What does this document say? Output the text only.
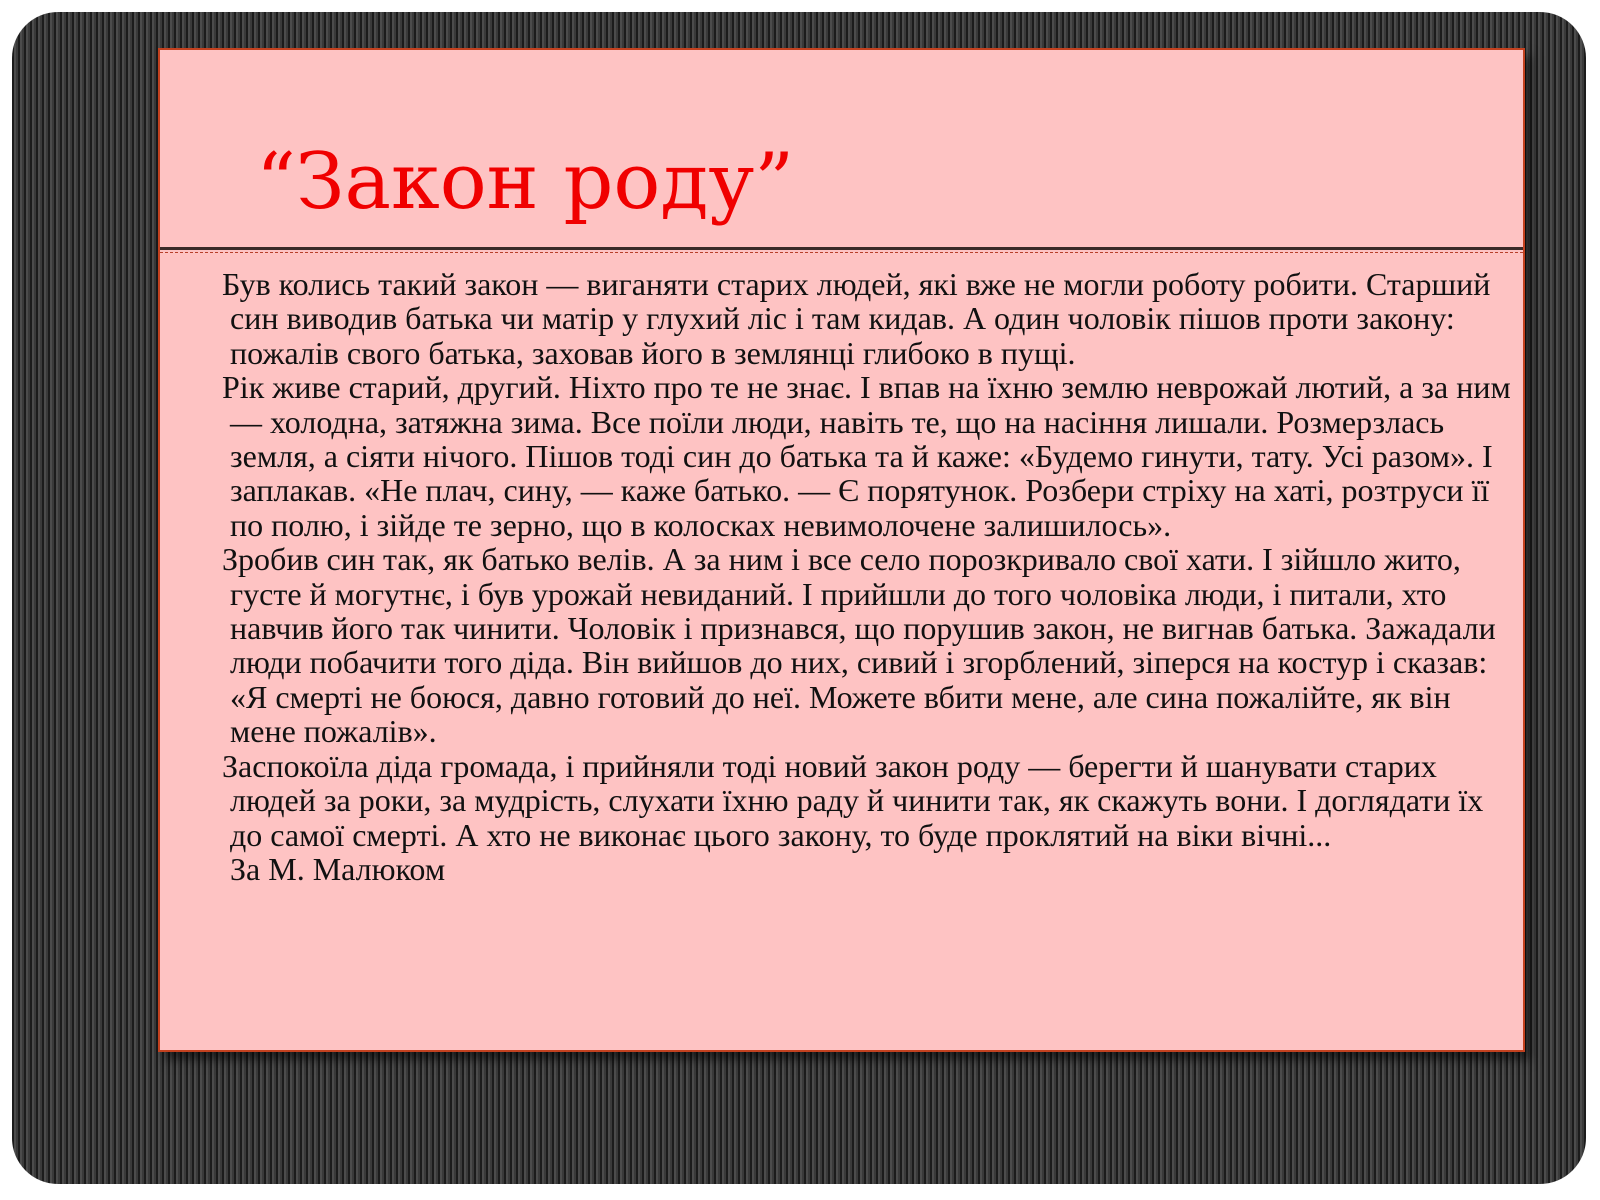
“Закон роду”

Був колись такий закон — виганяти старих людей, які вже не могли роботу робити. Старший син виводив батька чи матір у глухий ліс і там кидав. А один чоловік пішов проти закону: пожалів свого батька, заховав його в землянці глибоко в пущі.

Рік живе старий, другий. Ніхто про те не знає. І впав на їхню землю неврожай лютий, а за ним — холодна, затяжна зима. Все поїли люди, навіть те, що на насіння лишали. Розмерзлась земля, а сіяти нічого. Пішов тоді син до батька та й каже: «Будемо гинути, тату. Усі разом». І заплакав. «Не плач, сину, — каже батько. — Є порятунок. Розбери стріху на хаті, розтруси її по полю, і зійде те зерно, що в колосках невимолочене залишилось».

Зробив син так, як батько велів. А за ним і все село порозкривало свої хати. І зійшло жито, густе й могутнє, і був урожай невиданий. І прийшли до того чоловіка люди, і питали, хто навчив його так чинити. Чоловік і признався, що порушив закон, не вигнав батька. Зажадали люди побачити того діда. Він вийшов до них, сивий і згорблений, зіперся на костур і сказав: «Я смерті не боюся, давно готовий до неї. Можете вбити мене, але сина пожалійте, як він мене пожалів».

Заспокоїла діда громада, і прийняли тоді новий закон роду — берегти й шанувати старих людей за роки, за мудрість, слухати їхню раду й чинити так, як скажуть вони. І доглядати їх до самої смерті. А хто не виконає цього закону, то буде проклятий на віки вічні...

За М. Малюком
